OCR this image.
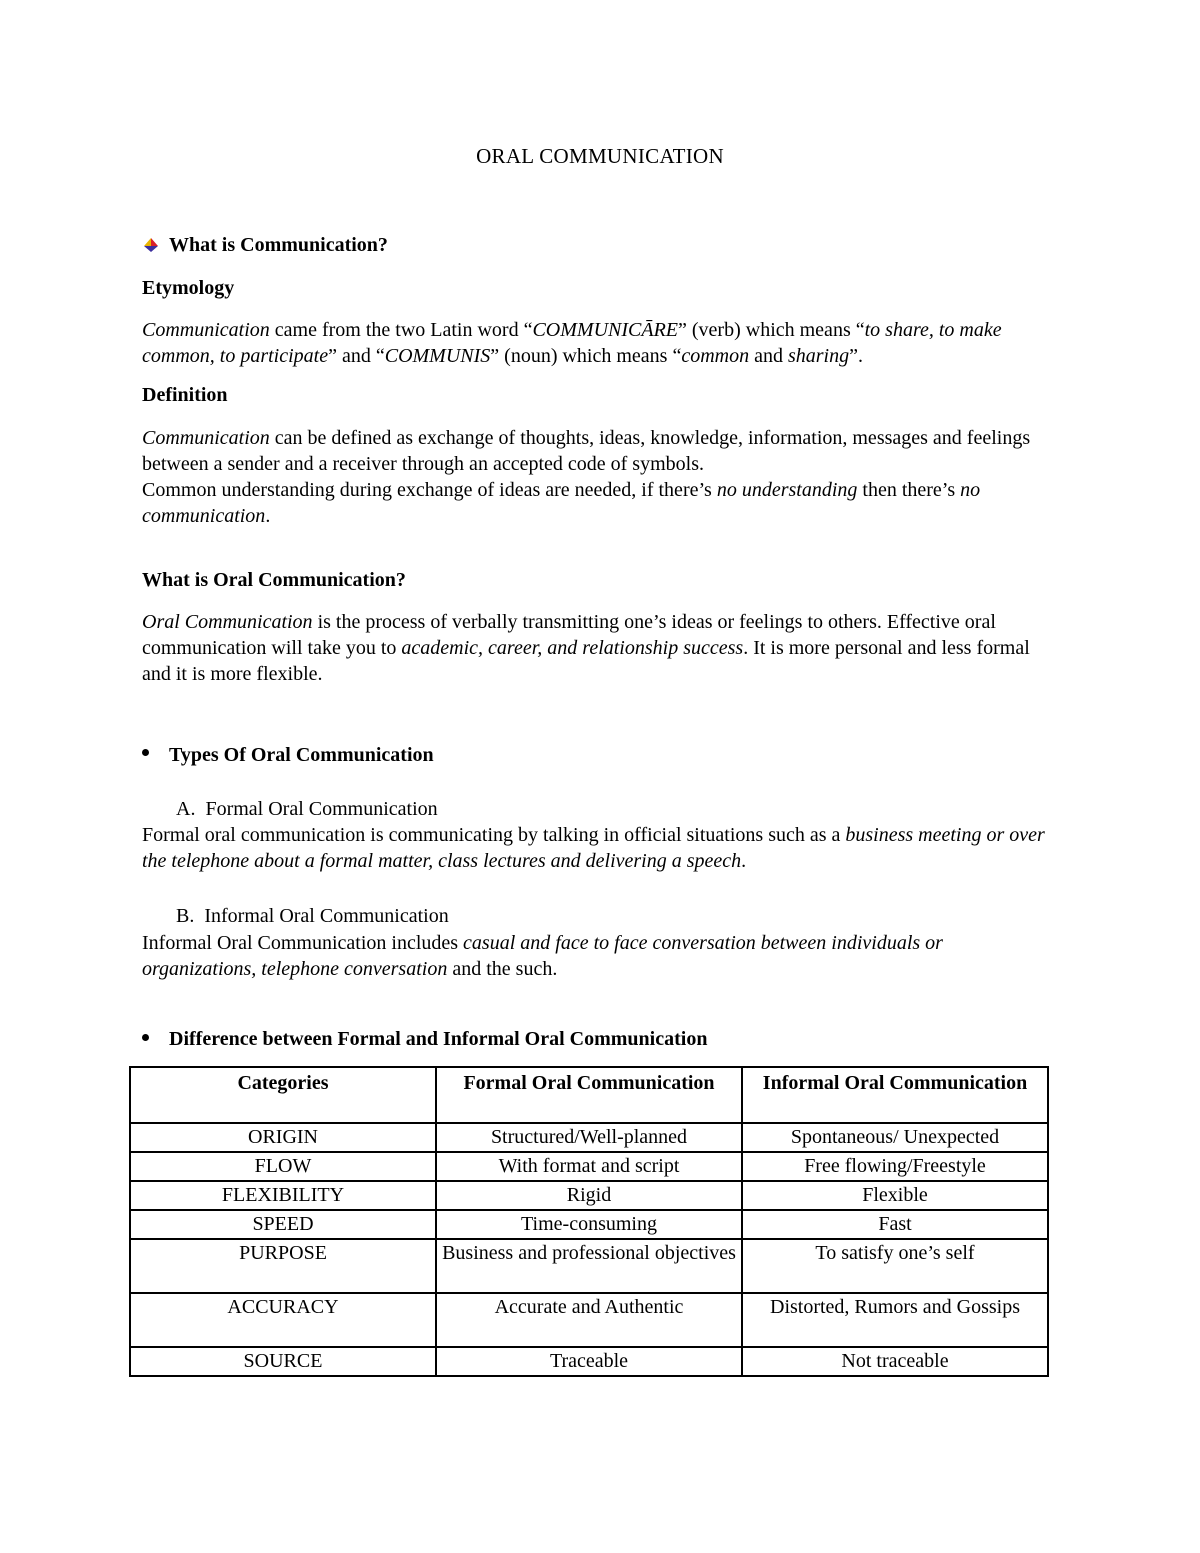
ORAL COMMUNICATION
What is Communication?
Etymology
Communication came from the two Latin word “COMMUNICĀRE” (verb) which means “to share, to make common, to participate” and “COMMUNIS” (noun) which means “common and sharing”.
Definition
Communication can be defined as exchange of thoughts, ideas, knowledge, information, messages and feelings between a sender and a receiver through an accepted code of symbols.
Common understanding during exchange of ideas are needed, if there’s no understanding then there’s no communication.
What is Oral Communication?
Oral Communication is the process of verbally transmitting one’s ideas or feelings to others. Effective oral communication will take you to academic, career, and relationship success. It is more personal and less formal and it is more flexible.
Types Of Oral Communication
A. Formal Oral Communication
Formal oral communication is communicating by talking in official situations such as a business meeting or over the telephone about a formal matter, class lectures and delivering a speech.
B. Informal Oral Communication
Informal Oral Communication includes casual and face to face conversation between individuals or organizations, telephone conversation and the such.
Difference between Formal and Informal Oral Communication
Categories	Formal Oral Communication	Informal Oral Communication
ORIGIN	Structured/Well-planned	Spontaneous/ Unexpected
FLOW	With format and script	Free flowing/Freestyle
FLEXIBILITY	Rigid	Flexible
SPEED	Time-consuming	Fast
PURPOSE	Business and professional objectives	To satisfy one’s self
ACCURACY	Accurate and Authentic	Distorted, Rumors and Gossips
SOURCE	Traceable	Not traceable
